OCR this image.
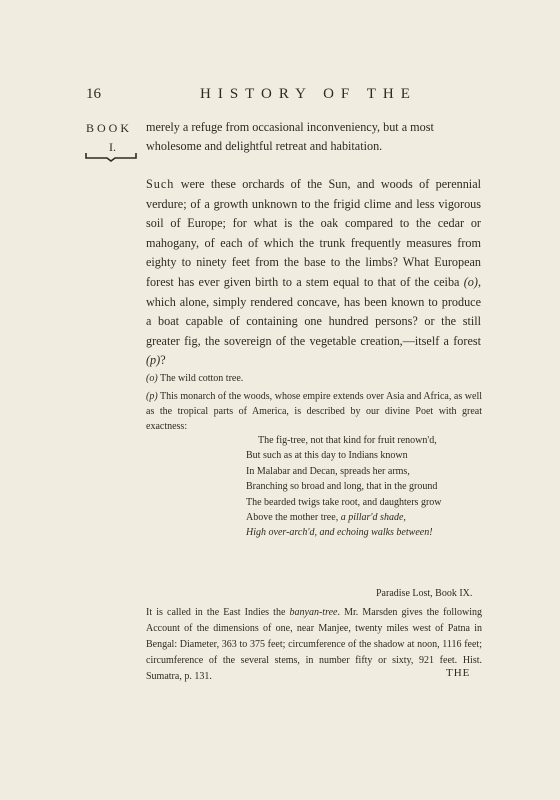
16	HISTORY OF THE
BOOK
I.
merely a refuge from occasional inconveniency, but a most wholesome and delightful retreat and habitation.
Such were these orchards of the Sun, and woods of perennial verdure; of a growth unknown to the frigid clime and less vigorous soil of Europe; for what is the oak compared to the cedar or mahogany, of each of which the trunk frequently measures from eighty to ninety feet from the base to the limbs? What European forest has ever given birth to a stem equal to that of the ceiba (o), which alone, simply rendered concave, has been known to produce a boat capable of containing one hundred persons? or the still greater fig, the sovereign of the vegetable creation,—itself a forest (p)?
(o) The wild cotton tree.
(p) This monarch of the woods, whose empire extends over Asia and Africa, as well as the tropical parts of America, is described by our divine Poet with great exactness:
The fig-tree, not that kind for fruit renown'd,
But such as at this day to Indians known
In Malabar and Decan, spreads her arms,
Branching so broad and long, that in the ground
The bearded twigs take root, and daughters grow
Above the mother tree, a pillar'd shade,
High over-arch'd, and echoing walks between!
Paradise Lost, Book IX.
It is called in the East Indies the banyan-tree. Mr. Marsden gives the following Account of the dimensions of one, near Manjee, twenty miles west of Patna in Bengal: Diameter, 363 to 375 feet; circumference of the shadow at noon, 1116 feet; circumference of the several stems, in number fifty or sixty, 921 feet. Hist. Sumatra, p. 131.	THE
